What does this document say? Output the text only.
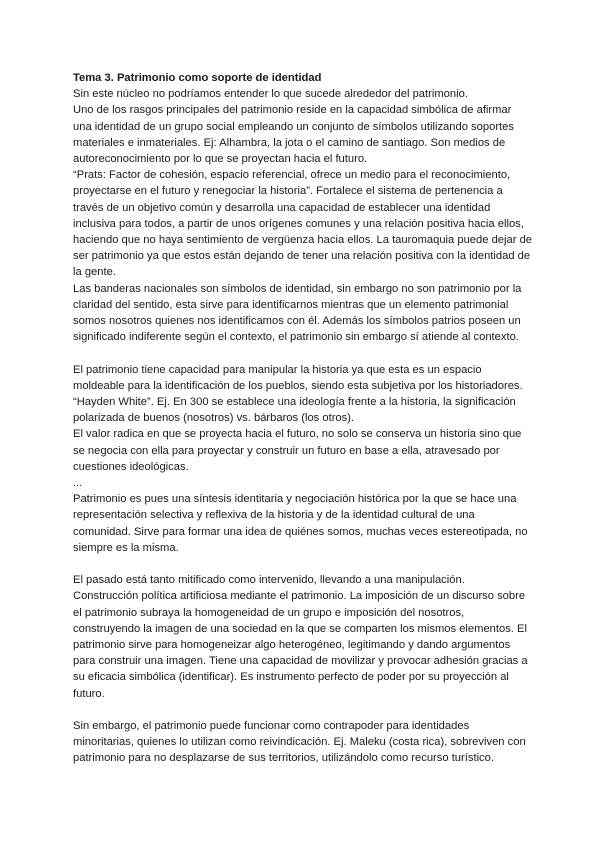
Tema 3. Patrimonio como soporte de identidad

Sin este núcleo no podríamos entender lo que sucede alrededor del patrimonio.

Uno de los rasgos principales del patrimonio reside en la capacidad simbólica de afirmar una identidad de un grupo social empleando un conjunto de símbolos utilizando soportes materiales e inmateriales. Ej: Alhambra, la jota o el camino de santiago. Son medios de autoreconocimiento por lo que se proyectan hacia el futuro.

“Prats: Factor de cohesión, espacio referencial, ofrece un medio para el reconocimiento, proyectarse en el futuro y renegociar la historia”. Fortalece el sistema de pertenencia a través de un objetivo común y desarrolla una capacidad de establecer una identidad inclusiva para todos, a partir de unos orígenes comunes y una relación positiva hacia ellos, haciendo que no haya sentimiento de vergüenza hacia ellos. La tauromaquia puede dejar de ser patrimonio ya que estos están dejando de tener una relación positiva con la identidad de la gente.

Las banderas nacionales son símbolos de identidad, sin embargo no son patrimonio por la claridad del sentido, esta sirve para identificarnos mientras que un elemento patrimonial somos nosotros quienes nos identificamos con él. Además los símbolos patrios poseen un significado indiferente según el contexto, el patrimonio sin embargo sí atiende al contexto.

El patrimonio tiene capacidad para manipular la historia ya que esta es un espacio moldeable para la identificación de los pueblos, siendo esta subjetiva por los historiadores. “Hayden White”. Ej. En 300 se establece una ideología frente a la historia, la significación polarizada de buenos (nosotros) vs. bárbaros (los otros).

El valor radica en que se proyecta hacia el futuro, no solo se conserva un historia sino que se negocia con ella para proyectar y construir un futuro en base a ella, atravesado por cuestiones ideológicas.

...

Patrimonio es pues una síntesis identitaria y negociación histórica por la que se hace una representación selectiva y reflexiva de la historia y de la identidad cultural de una comunidad. Sirve para formar una idea de quiénes somos, muchas veces estereotipada, no siempre es la misma.

El pasado está tanto mitificado como intervenido, llevando a una manipulación. Construcción política artificiosa mediante el patrimonio. La imposición de un discurso sobre el patrimonio subraya la homogeneidad de un grupo e imposición del nosotros, construyendo la imagen de una sociedad en la que se comparten los mismos elementos. El patrimonio sirve para homogeneizar algo heterogéneo, legitimando y dando argumentos para construir una imagen. Tiene una capacidad de movilizar y provocar adhesión gracias a su eficacia simbólica (identificar). Es instrumento perfecto de poder por su proyección al futuro.

Sin embargo, el patrimonio puede funcionar como contrapoder para identidades minoritarias, quienes lo utilizan como reivindicación. Ej. Maleku (costa rica), sobreviven con patrimonio para no desplazarse de sus territorios, utilizándolo como recurso turístico.
